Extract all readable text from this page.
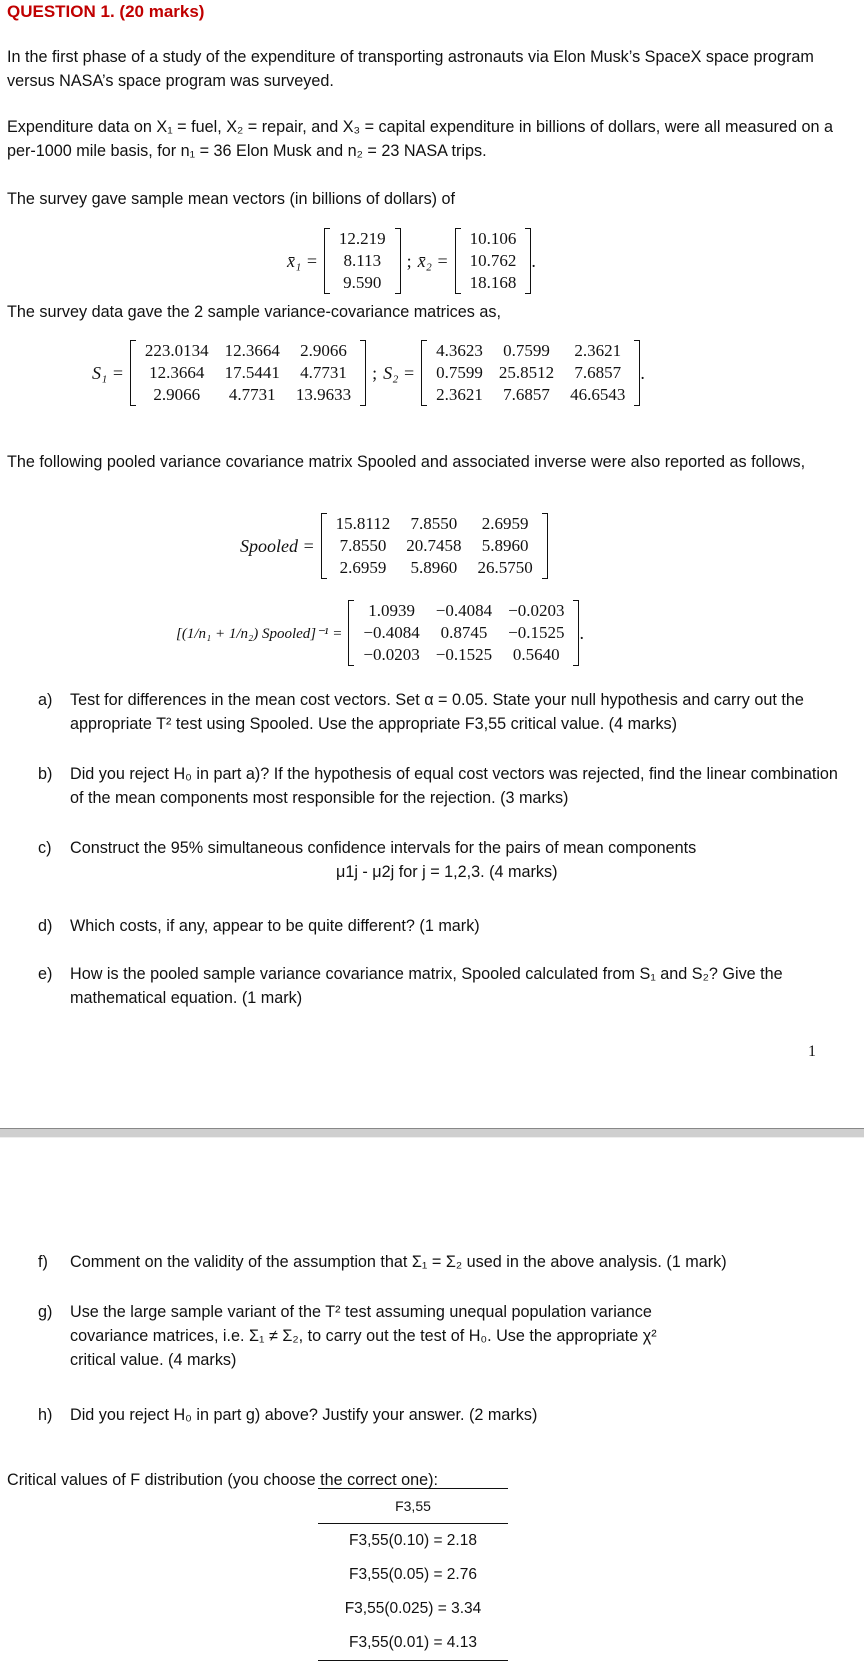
QUESTION 1. (20 marks)
In the first phase of a study of the expenditure of transporting astronauts via Elon Musk’s SpaceX space program versus NASA’s space program was surveyed.
Expenditure data on X₁ = fuel, X₂ = repair, and X₃ = capital expenditure in billions of dollars, were all measured on a per-1000 mile basis, for n₁ = 36 Elon Musk and n₂ = 23 NASA trips.
The survey gave sample mean vectors (in billions of dollars) of
x̄₁ =
12.219
8.113
9.590
; x̄₂ =
10.106
10.762
18.168
.
The survey data gave the 2 sample variance-covariance matrices as,
S₁ =
223.0134	12.3664	2.9066
12.3664	17.5441	4.7731
2.9066	4.7731	13.9633
; S₂ =
4.3623	0.7599	2.3621
0.7599	25.8512	7.6857
2.3621	7.6857	46.6543
.
The following pooled variance covariance matrix Spooled and associated inverse were also reported as follows,
Spooled =
15.8112	7.8550	2.6959
7.8550	20.7458	5.8960
2.6959	5.8960	26.5750
[(1/n₁ + 1/n₂) Spooled]⁻¹ =
1.0939	−0.4084	−0.0203
−0.4084	0.8745	−0.1525
−0.0203	−0.1525	0.5640
.
a) Test for differences in the mean cost vectors. Set α = 0.05. State your null hypothesis and carry out the appropriate T² test using Spooled. Use the appropriate F3,55 critical value. (4 marks)
b) Did you reject H₀ in part a)? If the hypothesis of equal cost vectors was rejected, find the linear combination of the mean components most responsible for the rejection. (3 marks)
c) Construct the 95% simultaneous confidence intervals for the pairs of mean components
μ1j - μ2j for j = 1,2,3. (4 marks)
d) Which costs, if any, appear to be quite different? (1 mark)
e) How is the pooled sample variance covariance matrix, Spooled calculated from S₁ and S₂? Give the mathematical equation. (1 mark)
1
f) Comment on the validity of the assumption that Σ₁ = Σ₂ used in the above analysis. (1 mark)
g) Use the large sample variant of the T² test assuming unequal population variance covariance matrices, i.e. Σ₁ ≠ Σ₂, to carry out the test of H₀. Use the appropriate χ² critical value. (4 marks)
h) Did you reject H₀ in part g) above? Justify your answer. (2 marks)
Critical values of F distribution (you choose the correct one):
F3,55
F3,55(0.10) = 2.18
F3,55(0.05) = 2.76
F3,55(0.025) = 3.34
F3,55(0.01) = 4.13
